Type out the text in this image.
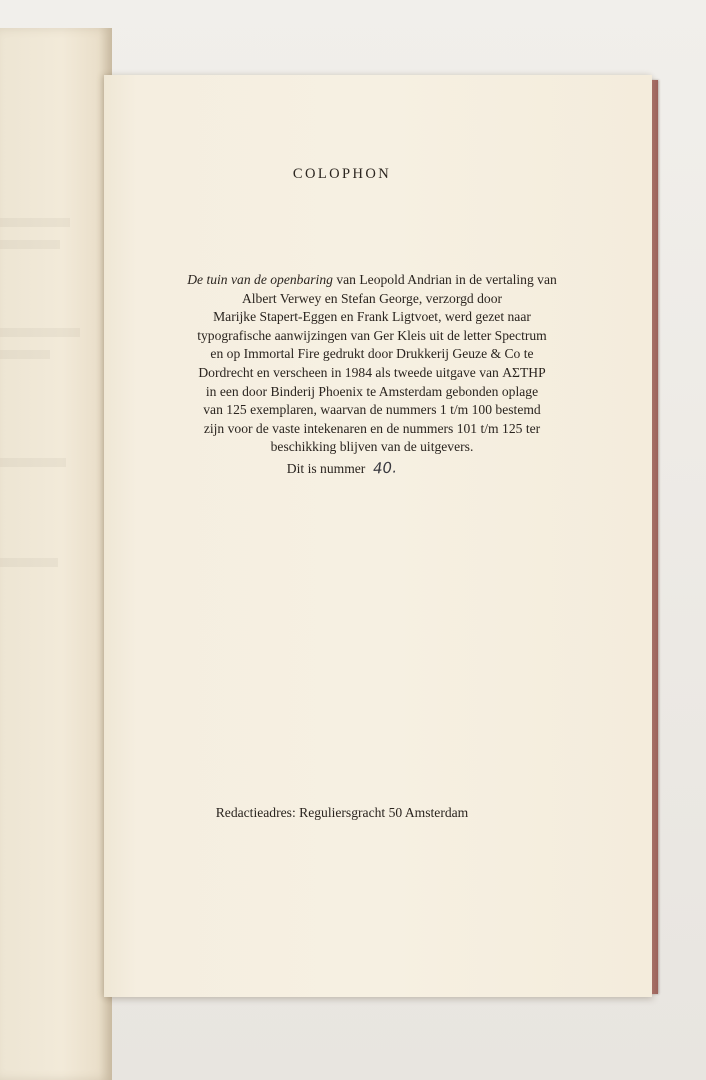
COLOPHON
De tuin van de openbaring van Leopold Andrian in de vertaling van
Albert Verwey en Stefan George, verzorgd door
Marijke Stapert-Eggen en Frank Ligtvoet, werd gezet naar
typografische aanwijzingen van Ger Kleis uit de letter Spectrum
en op Immortal Fire gedrukt door Drukkerij Geuze & Co te
Dordrecht en verscheen in 1984 als tweede uitgave van ΑΣΤΗΡ
in een door Binderij Phoenix te Amsterdam gebonden oplage
van 125 exemplaren, waarvan de nummers 1 t/m 100 bestemd
zijn voor de vaste intekenaren en de nummers 101 t/m 125 ter
beschikking blijven van de uitgevers.
Dit is nummer 40.
Redactieadres: Reguliersgracht 50 Amsterdam
